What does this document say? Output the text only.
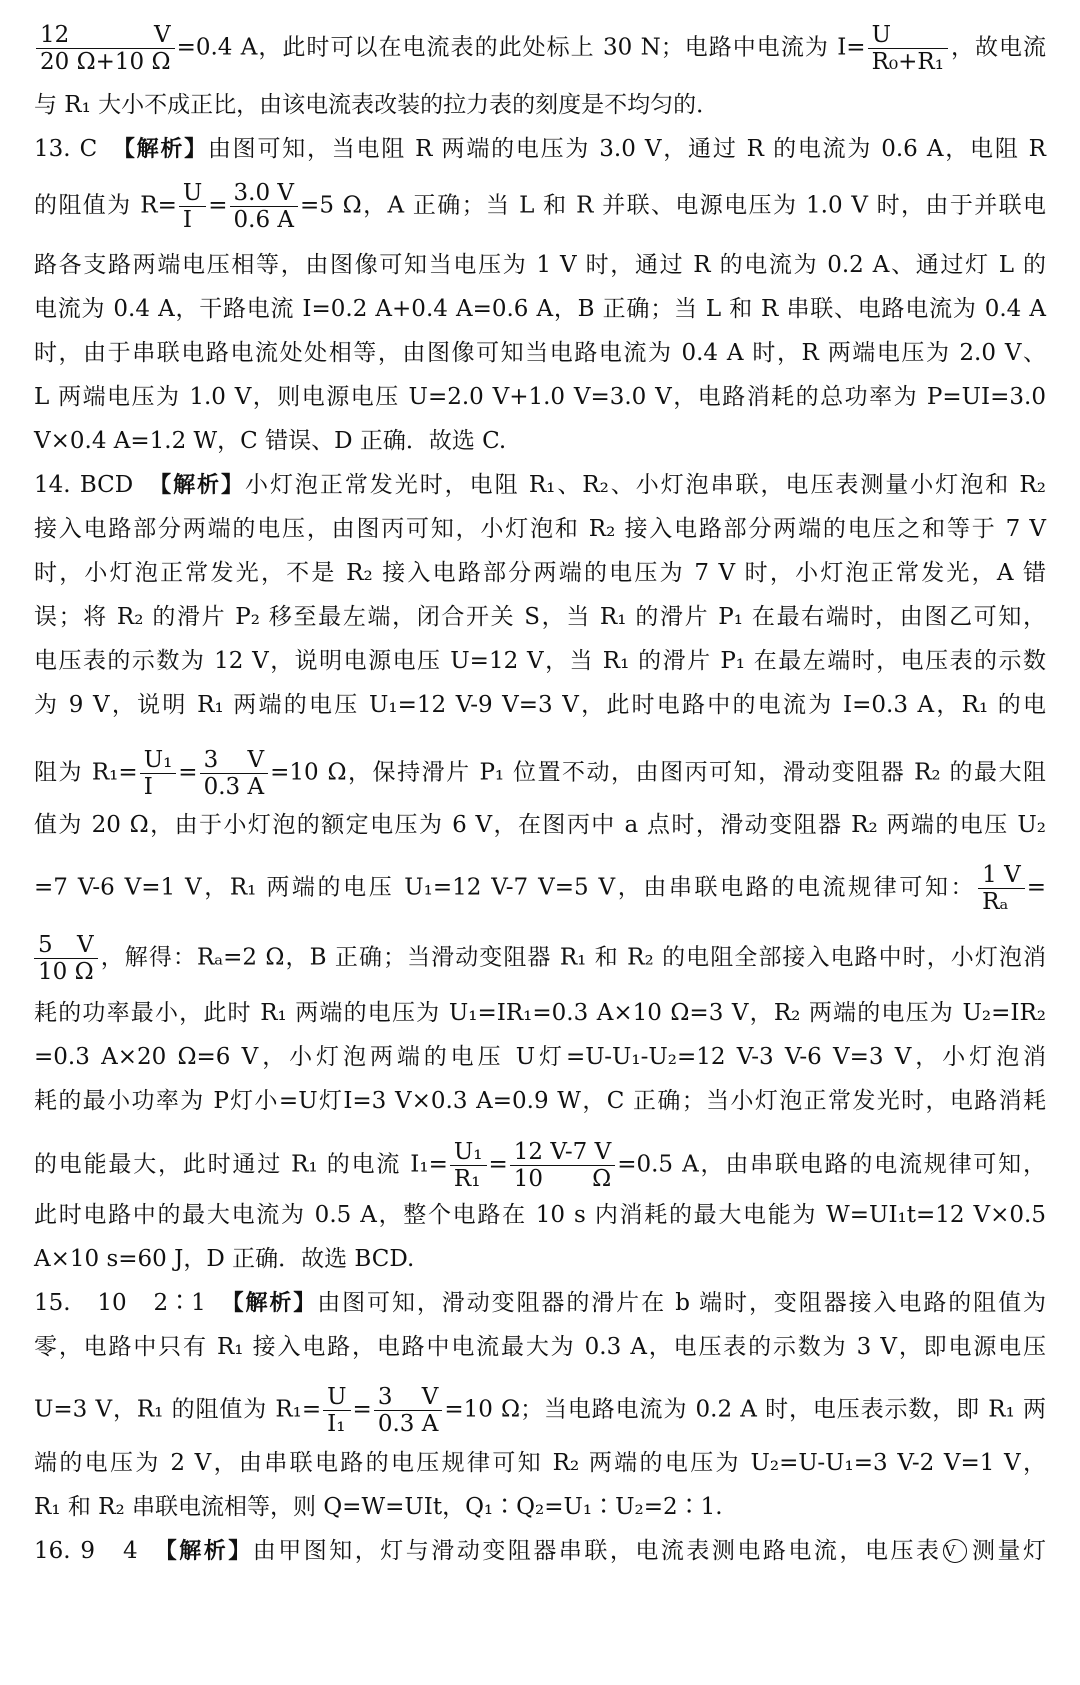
$\frac{12 V}{20 \Omega+10 \Omega} =0.4$ A，此时可以在电流表的此处标上 30 N；电路中电流为 $I= \frac{U}{\text{R₀+R₁}}$ ，故电流
与 R₁ 大小不成正比，由该电流表改装的拉力表的刻度是不均匀的．
13. C　【解析】由图可知，当电阻 R 两端的电压为 3.0 V，通过 R 的电流为 0.6 A，电阻 R
的阻值为 $R= \frac{U}{I} = \frac{3.0 V}{0.6 A} =5$ Ω，A 正确；当 L 和 R 并联、电源电压为 1.0 V 时，由于并联电
路各支路两端电压相等，由图像可知当电压为 1 V 时，通过 R 的电流为 0.2 A、通过灯 L 的
电流为 0.4 A，干路电流 I=0.2 A+0.4 A=0.6 A，B 正确；当 L 和 R 串联、电路电流为 0.4 A
时，由于串联电路电流处处相等，由图像可知当电路电流为 0.4 A 时，R 两端电压为 2.0 V、
L 两端电压为 1.0 V，则电源电压 U=2.0 V+1.0 V=3.0 V，电路消耗的总功率为 P=UI=3.0
V×0.4 A=1.2 W，C 错误、D 正确．故选 C.
14. BCD　【解析】小灯泡正常发光时，电阻 R₁、R₂、小灯泡串联，电压表测量小灯泡和 R₂
接入电路部分两端的电压，由图丙可知，小灯泡和 R₂ 接入电路部分两端的电压之和等于 7 V
时，小灯泡正常发光，不是 R₂ 接入电路部分两端的电压为 7 V 时，小灯泡正常发光，A 错
误；将 R₂ 的滑片 P₂ 移至最左端，闭合开关 S，当 R₁ 的滑片 P₁ 在最右端时，由图乙可知，
电压表的示数为 12 V，说明电源电压 U=12 V，当 R₁ 的滑片 P₁ 在最左端时，电压表的示数
为 9 V，说明 R₁ 两端的电压 U₁=12 V-9 V=3 V，此时电路中的电流为 I=0.3 A，R₁ 的电
阻为 $R_1= \frac{\text{U₁}}{I} = \frac{3 V}{0.3 A} =10$ Ω，保持滑片 P₁ 位置不动，由图丙可知，滑动变阻器 R₂ 的最大阻
值为 20 Ω，由于小灯泡的额定电压为 6 V，在图丙中 a 点时，滑动变阻器 R₂ 两端的电压 U₂
=7 V-6 V=1 V，R₁ 两端的电压 U₁=12 V-7 V=5 V，由串联电路的电流规律可知： $\frac{1 V}{\text{Rₐ}}$ =
$\frac{5 V}{10 \Omega}$ ，解得：Rₐ=2 Ω，B 正确；当滑动变阻器 R₁ 和 R₂ 的电阻全部接入电路中时，小灯泡消
耗的功率最小，此时 R₁ 两端的电压为 U₁=IR₁=0.3 A×10 Ω=3 V，R₂ 两端的电压为 U₂=IR₂
=0.3 A×20 Ω=6 V，小灯泡两端的电压 U灯=U-U₁-U₂=12 V-3 V-6 V=3 V，小灯泡消
耗的最小功率为 P灯小=U灯I=3 V×0.3 A=0.9 W，C 正确；当小灯泡正常发光时，电路消耗
的电能最大，此时通过 R₁ 的电流 $I_1= \frac{\text{U₁}}{\text{R₁}} = \frac{12 V-7 V}{10 \Omega} =0.5$ A，由串联电路的电流规律可知，
此时电路中的最大电流为 0.5 A，整个电路在 10 s 内消耗的最大电能为 W=UI₁t=12 V×0.5
A×10 s=60 J，D 正确．故选 BCD.
15.　10　2∶1　【解析】由图可知，滑动变阻器的滑片在 b 端时，变阻器接入电路的阻值为
零，电路中只有 R₁ 接入电路，电路中电流最大为 0.3 A，电压表的示数为 3 V，即电源电压
U=3 V，R₁ 的阻值为 $R_1= \frac{U}{\text{I₁}} = \frac{3 V}{0.3 A} =10$ Ω；当电路电流为 0.2 A 时，电压表示数，即 R₁ 两
端的电压为 2 V，由串联电路的电压规律可知 R₂ 两端的电压为 U₂=U-U₁=3 V-2 V=1 V，
R₁ 和 R₂ 串联电流相等，则 Q=W=UIt，Q₁∶Q₂=U₁∶U₂=2∶1.
16. 9　4　【解析】由甲图知，灯与滑动变阻器串联，电流表测电路电流，电压表 V 测量灯
